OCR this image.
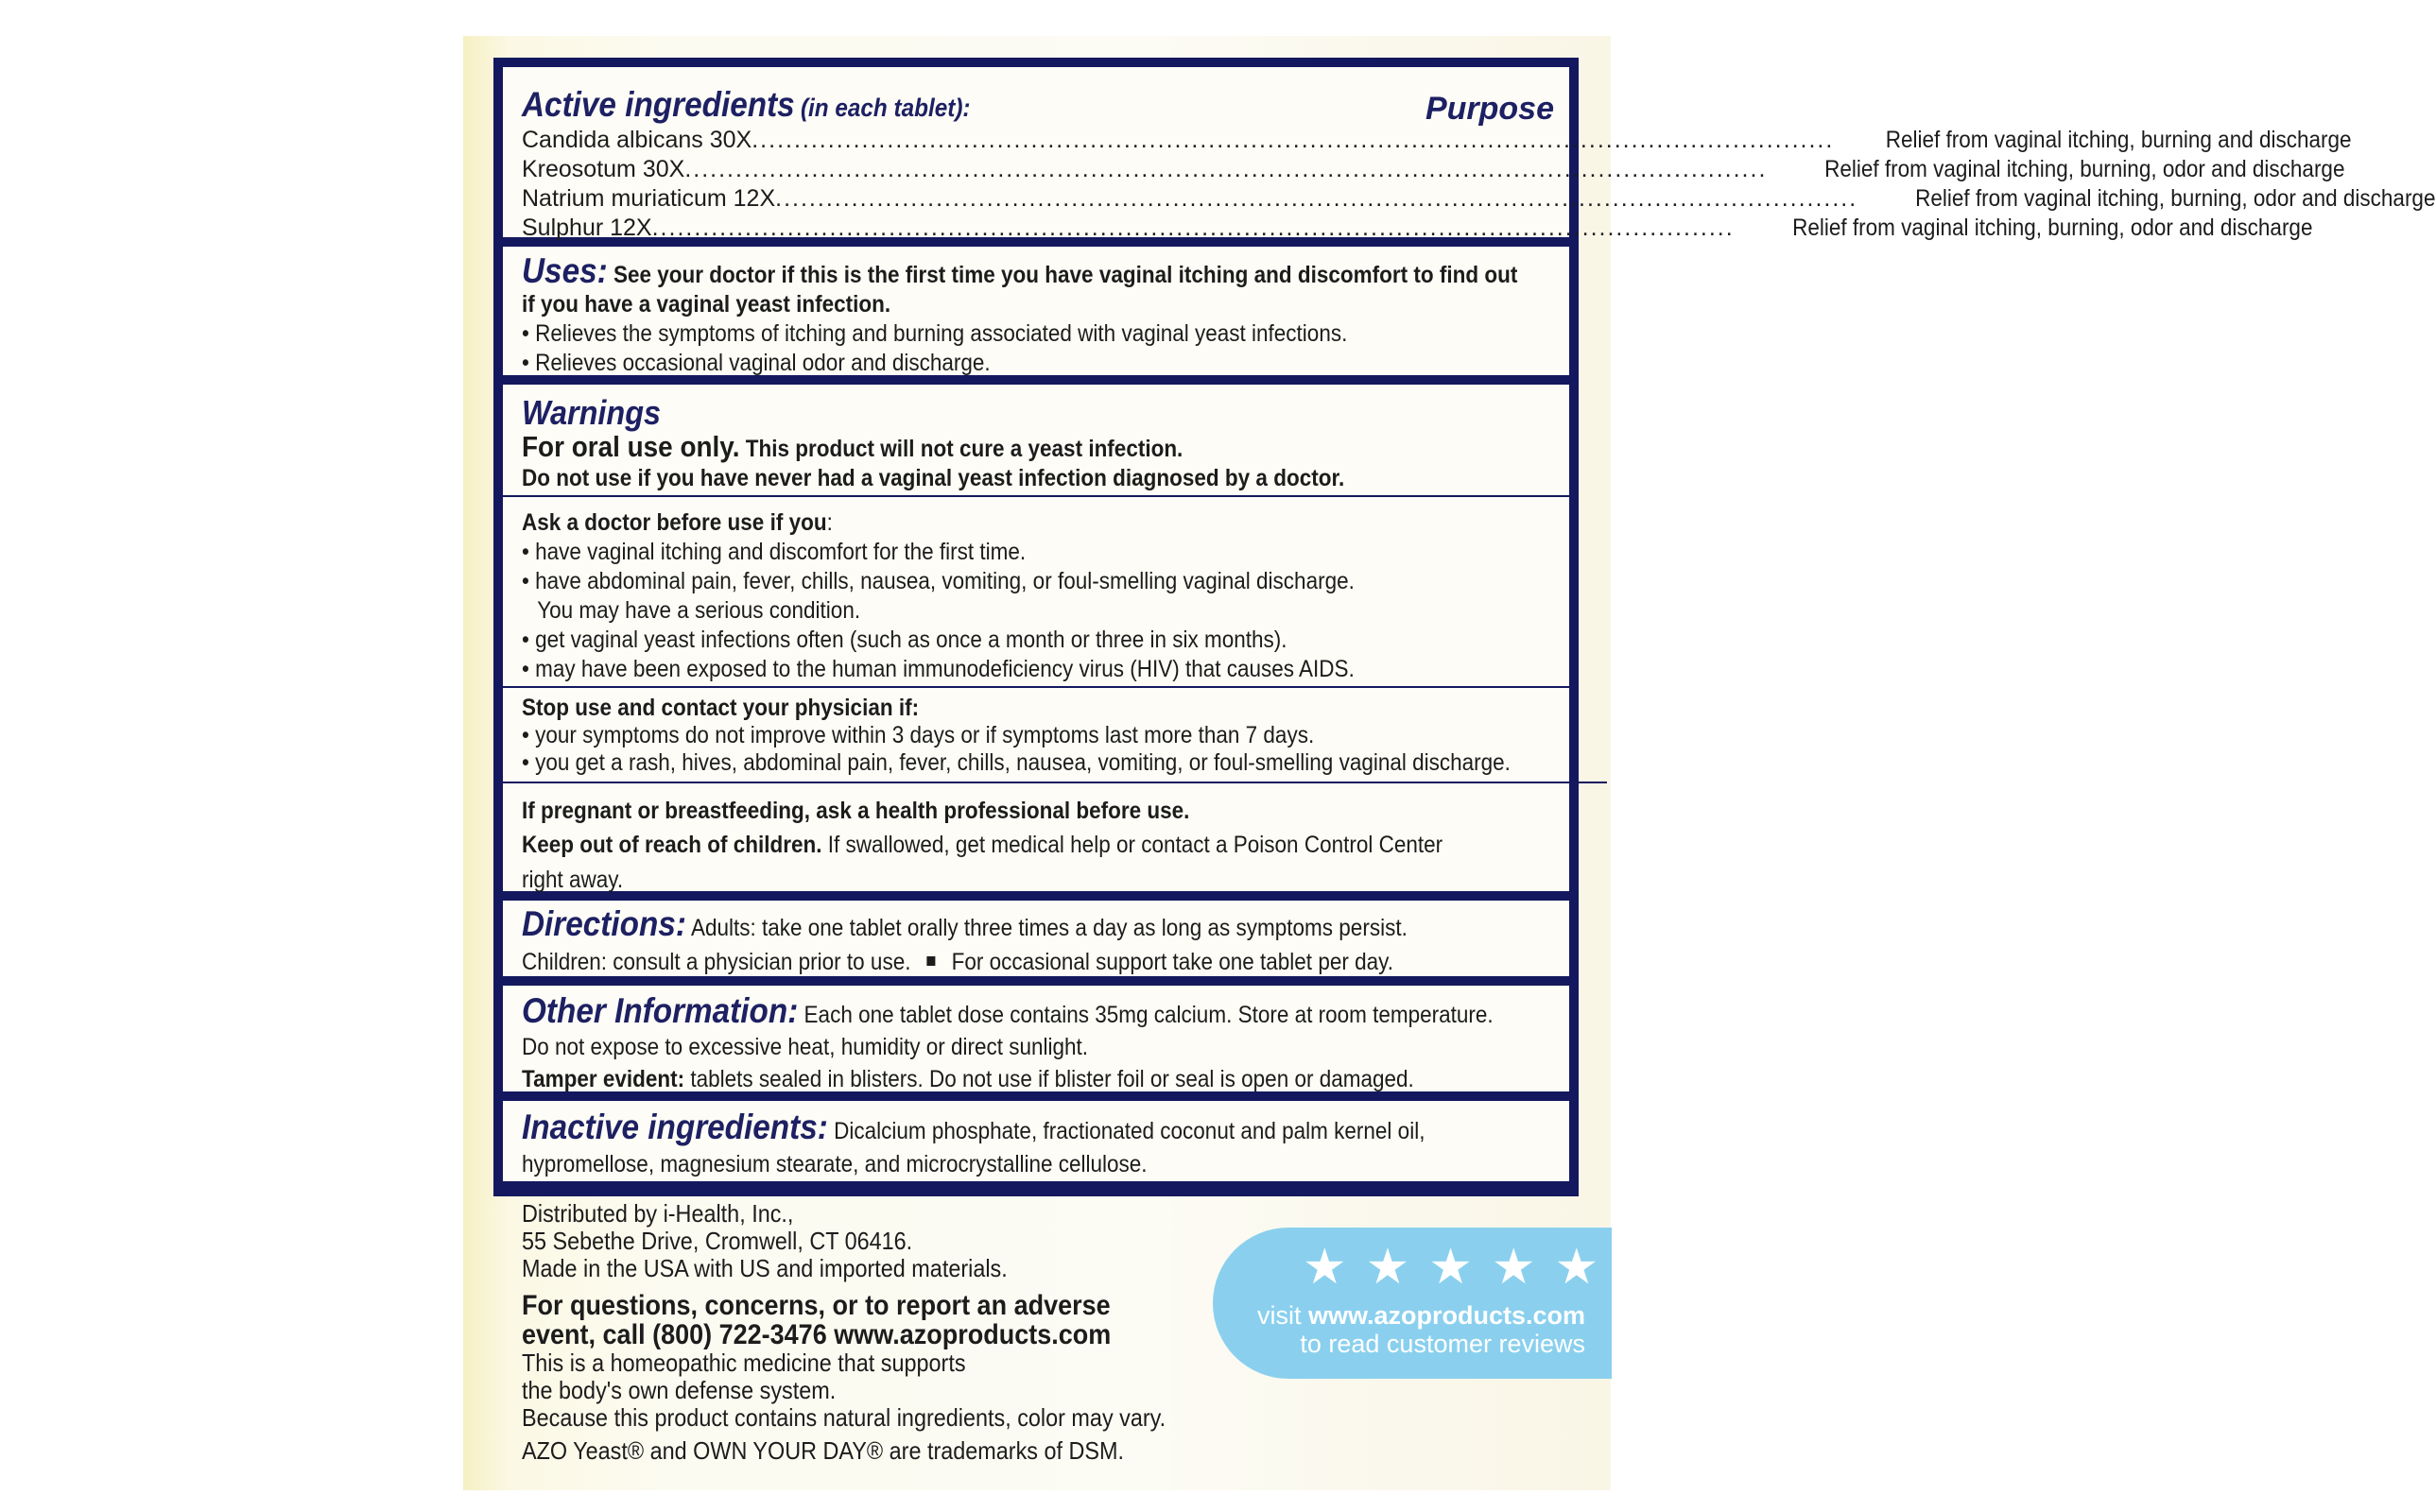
Active ingredients (in each tablet):	Purpose
Candida albicans 30X ................................................................................................................................ Relief from vaginal itching, burning and discharge
Kreosotum 30X ................................................................................................................................ Relief from vaginal itching, burning, odor and discharge
Natrium muriaticum 12X ................................................................................................................................ Relief from vaginal itching, burning, odor and discharge
Sulphur 12X ................................................................................................................................ Relief from vaginal itching, burning, odor and discharge
Uses: See your doctor if this is the first time you have vaginal itching and discomfort to find out
if you have a vaginal yeast infection.
• Relieves the symptoms of itching and burning associated with vaginal yeast infections.
• Relieves occasional vaginal odor and discharge.
Warnings
For oral use only. This product will not cure a yeast infection.
Do not use if you have never had a vaginal yeast infection diagnosed by a doctor.
Ask a doctor before use if you:
• have vaginal itching and discomfort for the first time.
• have abdominal pain, fever, chills, nausea, vomiting, or foul-smelling vaginal discharge.
You may have a serious condition.
• get vaginal yeast infections often (such as once a month or three in six months).
• may have been exposed to the human immunodeficiency virus (HIV) that causes AIDS.
Stop use and contact your physician if:
• your symptoms do not improve within 3 days or if symptoms last more than 7 days.
• you get a rash, hives, abdominal pain, fever, chills, nausea, vomiting, or foul-smelling vaginal discharge.
If pregnant or breastfeeding, ask a health professional before use.
Keep out of reach of children. If swallowed, get medical help or contact a Poison Control Center
right away.
Directions: Adults: take one tablet orally three times a day as long as symptoms persist.
Children: consult a physician prior to use. For occasional support take one tablet per day.
Other Information: Each one tablet dose contains 35mg calcium. Store at room temperature.
Do not expose to excessive heat, humidity or direct sunlight.
Tamper evident: tablets sealed in blisters. Do not use if blister foil or seal is open or damaged.
Inactive ingredients: Dicalcium phosphate, fractionated coconut and palm kernel oil,
hypromellose, magnesium stearate, and microcrystalline cellulose.
Distributed by i-Health, Inc.,
55 Sebethe Drive, Cromwell, CT 06416.
Made in the USA with US and imported materials.
For questions, concerns, or to report an adverse
event, call (800) 722-3476 www.azoproducts.com
This is a homeopathic medicine that supports
the body's own defense system.
Because this product contains natural ingredients, color may vary.
AZO Yeast® and OWN YOUR DAY® are trademarks of DSM.
★ ★ ★ ★ ★
visit www.azoproducts.com
to read customer reviews
